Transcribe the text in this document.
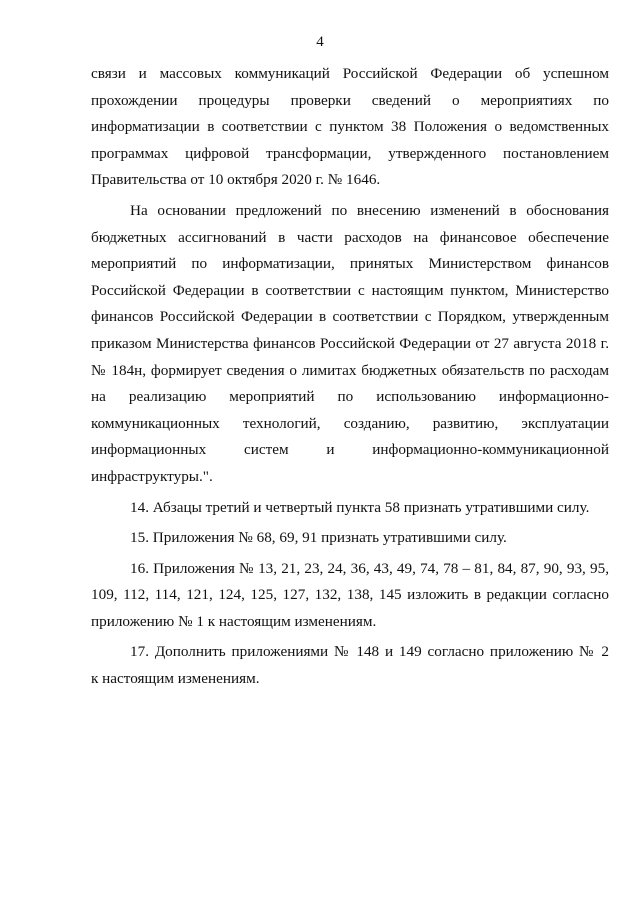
4
связи и массовых коммуникаций Российской Федерации об успешном
прохождении процедуры проверки сведений о мероприятиях по
информатизации в соответствии с пунктом 38 Положения о ведомственных
программах цифровой трансформации, утвержденного постановлением
Правительства от 10 октября 2020 г. № 1646.
На основании предложений по внесению изменений в обоснования
бюджетных ассигнований в части расходов на финансовое обеспечение
мероприятий по информатизации, принятых Министерством финансов
Российской Федерации в соответствии с настоящим пунктом, Министерство
финансов Российской Федерации в соответствии с Порядком, утвержденным
приказом Министерства финансов Российской Федерации от 27 августа 2018 г.
№ 184н, формирует сведения о лимитах бюджетных обязательств по расходам
на реализацию мероприятий по использованию информационно-
коммуникационных технологий, созданию, развитию, эксплуатации
информационных систем и информационно-коммуникационной
инфраструктуры.".
14. Абзацы третий и четвертый пункта 58 признать утратившими силу.
15. Приложения № 68, 69, 91 признать утратившими силу.
16. Приложения № 13, 21, 23, 24, 36, 43, 49, 74, 78 – 81, 84, 87, 90, 93, 95,
109, 112, 114, 121, 124, 125, 127, 132, 138, 145 изложить в редакции согласно
приложению № 1 к настоящим изменениям.
17. Дополнить приложениями № 148 и 149 согласно приложению № 2
к настоящим изменениям.
